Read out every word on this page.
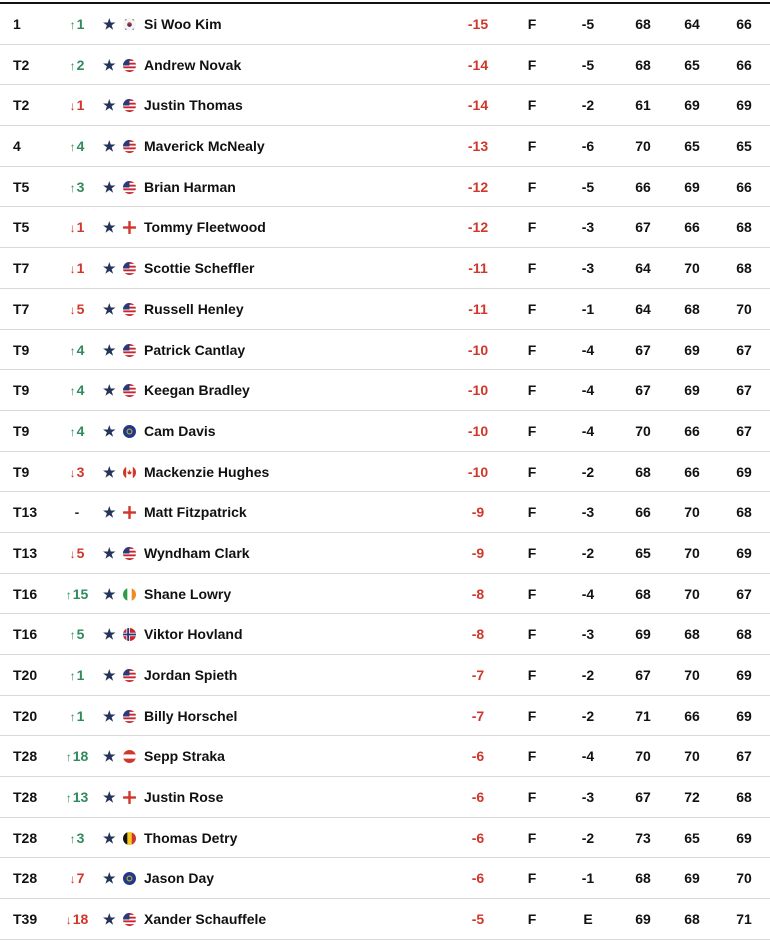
1	↑1	★ Si Woo Kim	-15	F	-5	68	64	66
T2	↑2	★ Andrew Novak	-14	F	-5	68	65	66
T2	↓1	★ Justin Thomas	-14	F	-2	61	69	69
4	↑4	★ Maverick McNealy	-13	F	-6	70	65	65
T5	↑3	★ Brian Harman	-12	F	-5	66	69	66
T5	↓1	★ Tommy Fleetwood	-12	F	-3	67	66	68
T7	↓1	★ Scottie Scheffler	-11	F	-3	64	70	68
T7	↓5	★ Russell Henley	-11	F	-1	64	68	70
T9	↑4	★ Patrick Cantlay	-10	F	-4	67	69	67
T9	↑4	★ Keegan Bradley	-10	F	-4	67	69	67
T9	↑4	★ Cam Davis	-10	F	-4	70	66	67
T9	↓3	★ Mackenzie Hughes	-10	F	-2	68	66	69
T13	-	★ Matt Fitzpatrick	-9	F	-3	66	70	68
T13	↓5	★ Wyndham Clark	-9	F	-2	65	70	69
T16	↑15 ★ Shane Lowry	-8	F	-4	68	70	67
T16	↑5	★ Viktor Hovland	-8	F	-3	69	68	68
T20	↑1	★ Jordan Spieth	-7	F	-2	67	70	69
T20	↑1	★ Billy Horschel	-7	F	-2	71	66	69
T28	↑18 ★ Sepp Straka	-6	F	-4	70	70	67
T28	↑13 ★ Justin Rose	-6	F	-3	67	72	68
T28	↑3	★ Thomas Detry	-6	F	-2	73	65	69
T28	↓7	★ Jason Day	-6	F	-1	68	69	70
T39	↓18 ★ Xander Schauffele	-5	F	E	69	68	71
